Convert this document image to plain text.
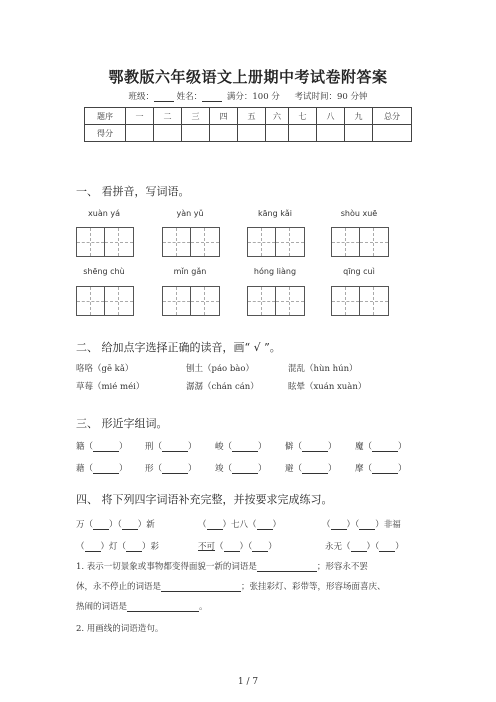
鄂教版六年级语文上册期中考试卷附答案
班级：	姓名：	满分：100 分 考试时间：90 分钟
题序	一	二	三	四	五	六	七	八	九	总分
得分										
一、 看拼音，写词语。
xuàn yá	yàn yǔ	kāng kǎi	shòu xuē
shēng chù	mǐn gǎn	hóng liàng	qīng cuì
二、 给加点字选择正确的读音，画“ √ ”。
咯咯（gē kǎ）	刨土（páo bào）	混乱（hùn hún）
草莓（mié méi）	潺潺（chán cán）	眩晕（xuán xuàn）
三、 形近字组词。
籍（	） 刑（	） 峻（	） 僻（	） 魔（	）
藉（	） 形（	） 竣（	） 避（	） 摩（	）
四、 将下列四字词语补充完整，并按要求完成练习。
万（ ）（ ）新	（ ）七八（ ）	（ ）（ ）非福
（ ）灯（ ）彩	不可（ ）（ ）	永无（ ）（ ）
1. 表示一切景象或事物都变得面貌一新的词语是	；形容永不罢
休，永不停止的词语是	；张挂彩灯、彩带等，形容场面喜庆、
热闹的词语是	。
2. 用画线的词语造句。
1 / 7
